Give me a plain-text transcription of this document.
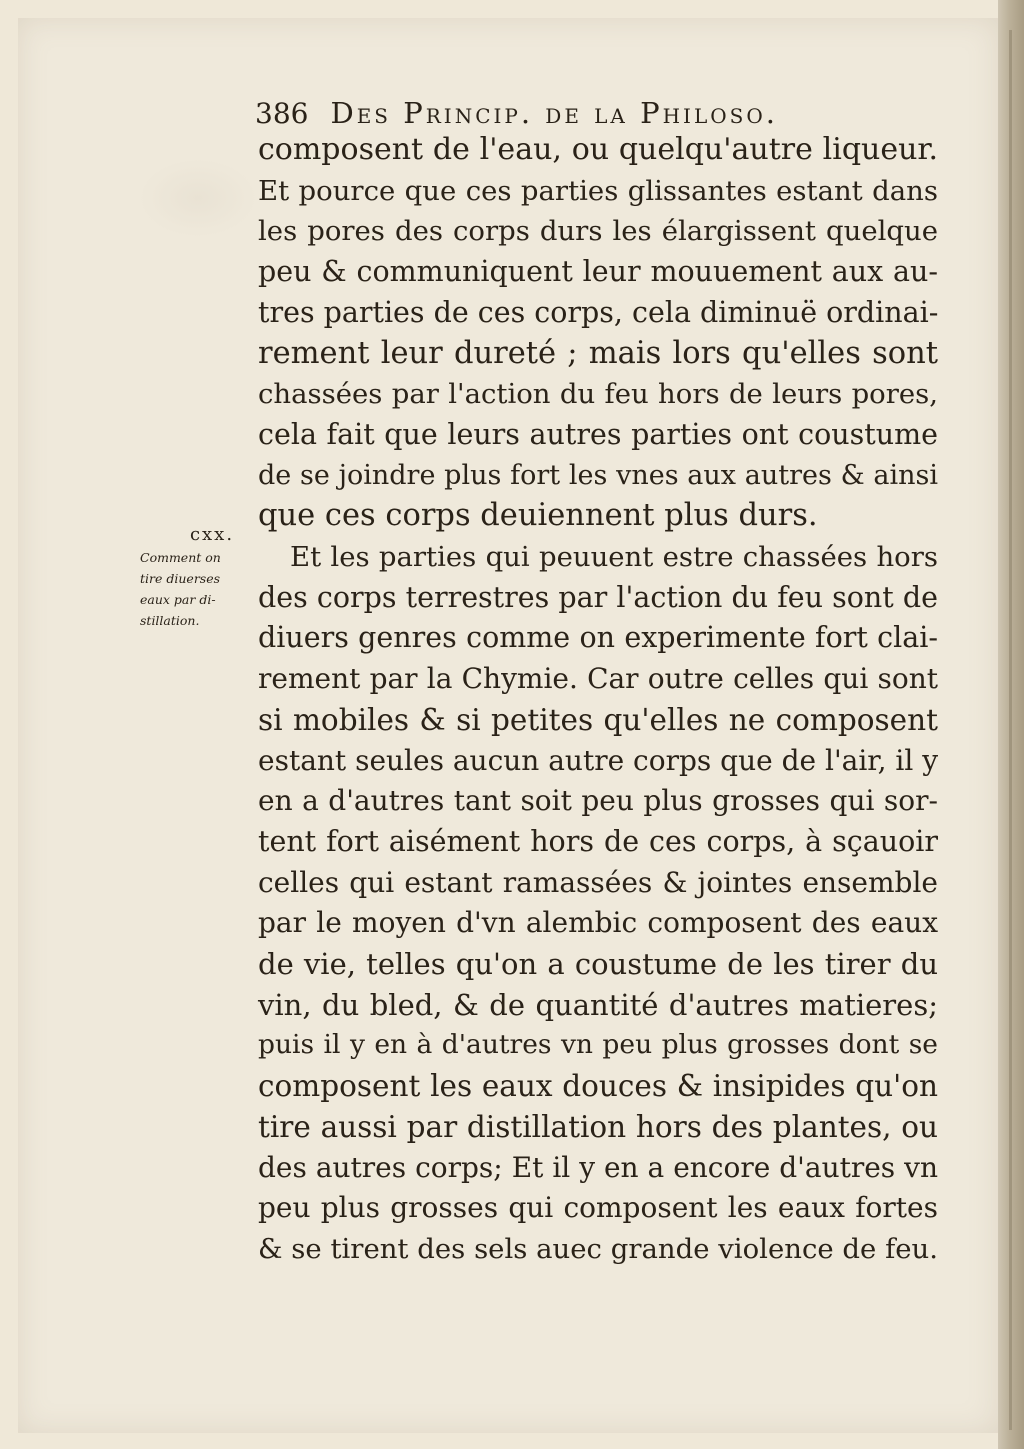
386 Des Princip. de la Philoso.
cxx.
Comment on
tire diuerses
eaux par di-
stillation.
composent de l'eau, ou quelqu'autre liqueur.
Et pource que ces parties glissantes estant dans
les pores des corps durs les élargissent quelque
peu & communiquent leur mouuement aux au-
tres parties de ces corps, cela diminuë ordinai-
rement leur dureté ; mais lors qu'elles sont
chassées par l'action du feu hors de leurs pores,
cela fait que leurs autres parties ont coustume
de se joindre plus fort les vnes aux autres & ainsi
que ces corps deuiennent plus durs.
Et les parties qui peuuent estre chassées hors
des corps terrestres par l'action du feu sont de
diuers genres comme on experimente fort clai-
rement par la Chymie. Car outre celles qui sont
si mobiles & si petites qu'elles ne composent
estant seules aucun autre corps que de l'air, il y
en a d'autres tant soit peu plus grosses qui sor-
tent fort aisément hors de ces corps, à sçauoir
celles qui estant ramassées & jointes ensemble
par le moyen d'vn alembic composent des eaux
de vie, telles qu'on a coustume de les tirer du
vin, du bled, & de quantité d'autres matieres;
puis il y en à d'autres vn peu plus grosses dont se
composent les eaux douces & insipides qu'on
tire aussi par distillation hors des plantes, ou
des autres corps; Et il y en a encore d'autres vn
peu plus grosses qui composent les eaux fortes
& se tirent des sels auec grande violence de feu.
